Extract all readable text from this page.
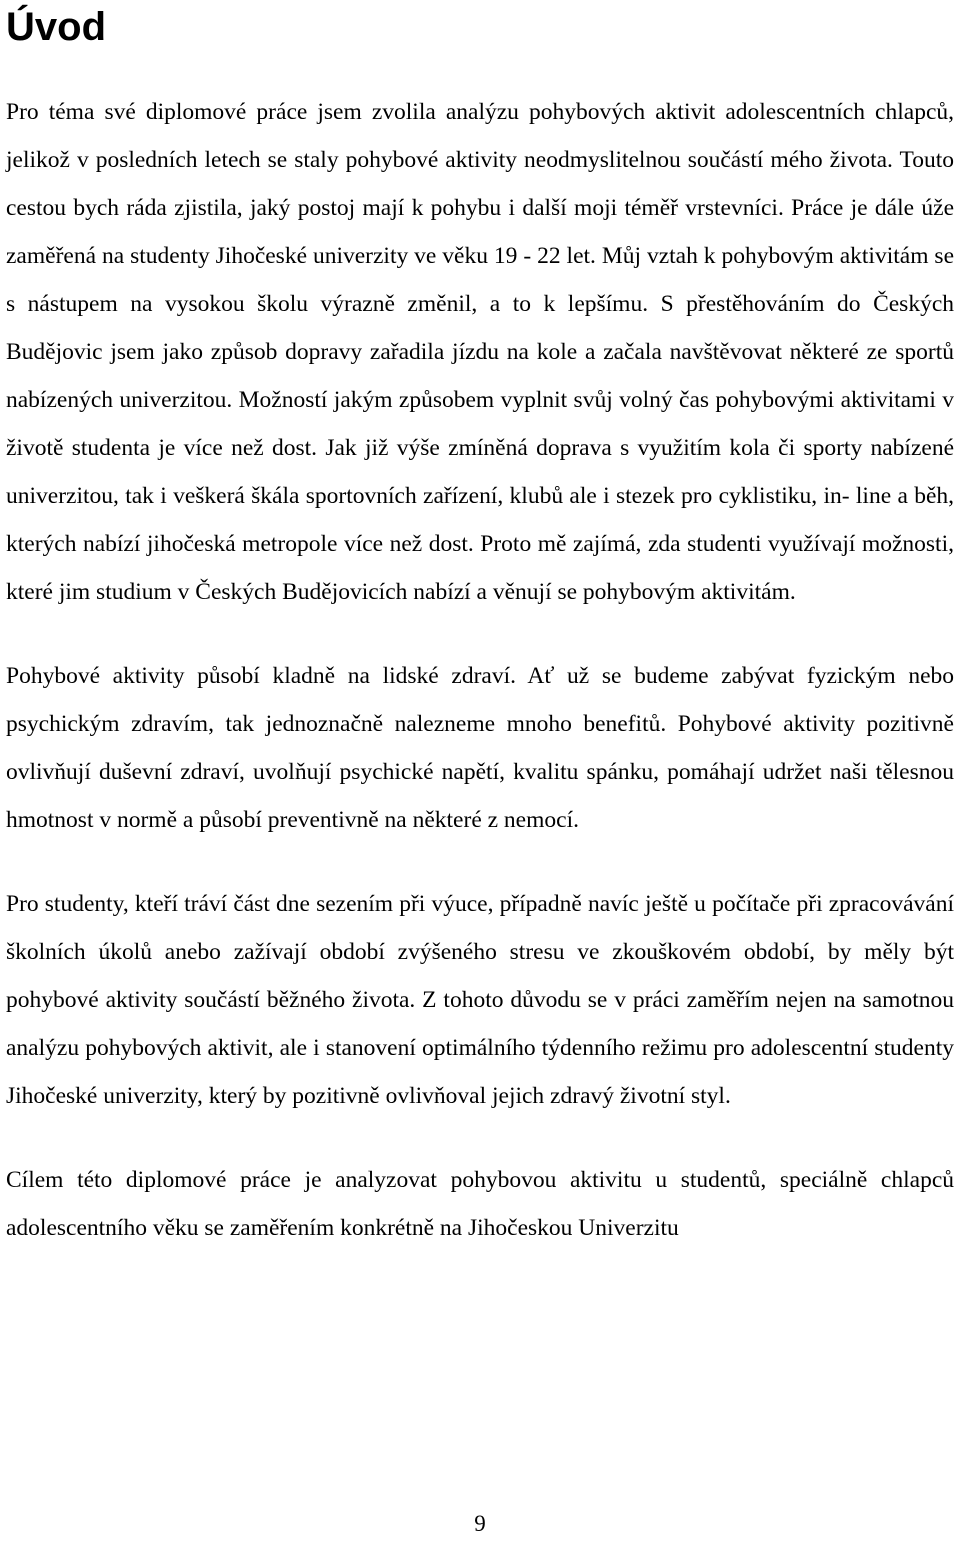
Úvod

Pro téma své diplomové práce jsem zvolila analýzu pohybových aktivit adolescentních chlapců, jelikož v posledních letech se staly pohybové aktivity neodmyslitelnou součástí mého života. Touto cestou bych ráda zjistila, jaký postoj mají k pohybu i další moji téměř vrstevníci. Práce je dále úže zaměřená na studenty Jihočeské univerzity ve věku 19 - 22 let. Můj vztah k pohybovým aktivitám se s nástupem na vysokou školu výrazně změnil, a to k lepšímu. S přestěhováním do Českých Budějovic jsem jako způsob dopravy zařadila jízdu na kole a začala navštěvovat některé ze sportů nabízených univerzitou. Možností jakým způsobem vyplnit svůj volný čas pohybovými aktivitami v životě studenta je více než dost. Jak již výše zmíněná doprava s využitím kola či sporty nabízené univerzitou, tak i veškerá škála sportovních zařízení, klubů ale i stezek pro cyklistiku, in- line a běh, kterých nabízí jihočeská metropole více než dost. Proto mě zajímá, zda studenti využívají možnosti, které jim studium v Českých Budějovicích nabízí a věnují se pohybovým aktivitám.

Pohybové aktivity působí kladně na lidské zdraví. Ať už se budeme zabývat fyzickým nebo psychickým zdravím, tak jednoznačně nalezneme mnoho benefitů. Pohybové aktivity pozitivně ovlivňují duševní zdraví, uvolňují psychické napětí, kvalitu spánku, pomáhají udržet naši tělesnou hmotnost v normě a působí preventivně na některé z nemocí.

Pro studenty, kteří tráví část dne sezením při výuce, případně navíc ještě u počítače při zpracovávání školních úkolů anebo zažívají období zvýšeného stresu ve zkouškovém období, by měly být pohybové aktivity součástí běžného života. Z tohoto důvodu se v práci zaměřím nejen na samotnou analýzu pohybových aktivit, ale i stanovení optimálního týdenního režimu pro adolescentní studenty Jihočeské univerzity, který by pozitivně ovlivňoval jejich zdravý životní styl.

Cílem této diplomové práce je analyzovat pohybovou aktivitu u studentů, speciálně chlapců adolescentního věku se zaměřením konkrétně na Jihočeskou Univerzitu

9
